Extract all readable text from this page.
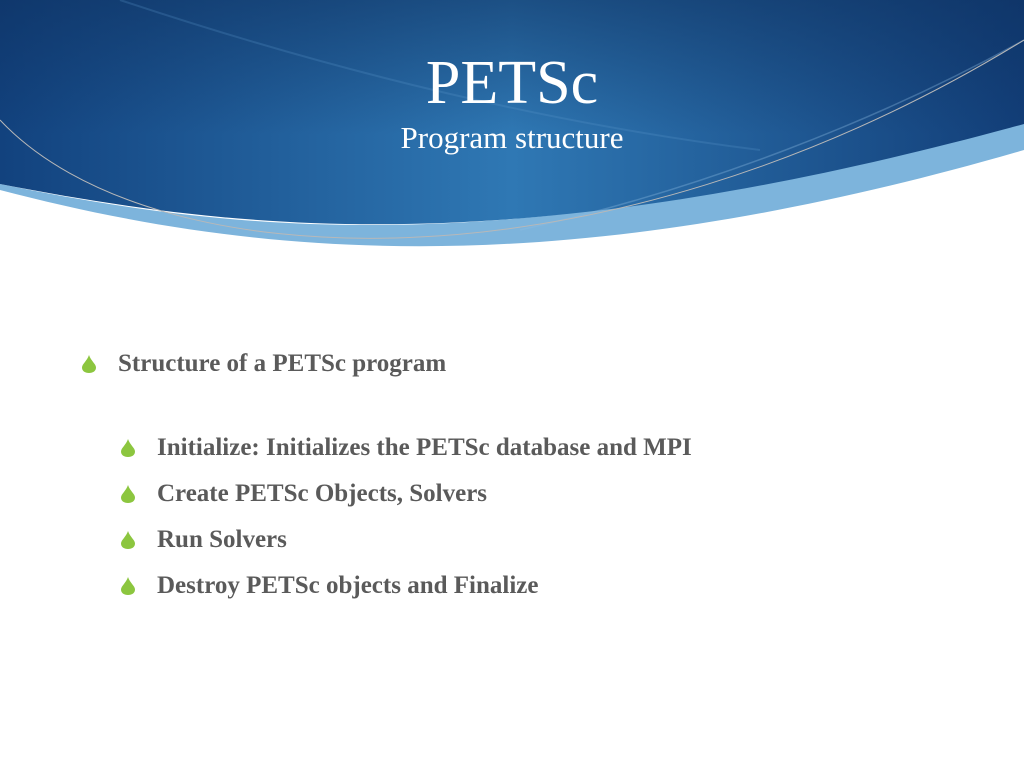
PETSc
Program structure
Structure of a PETSc program
Initialize: Initializes the PETSc database and MPI
Create PETSc Objects, Solvers
Run Solvers
Destroy PETSc objects and Finalize
